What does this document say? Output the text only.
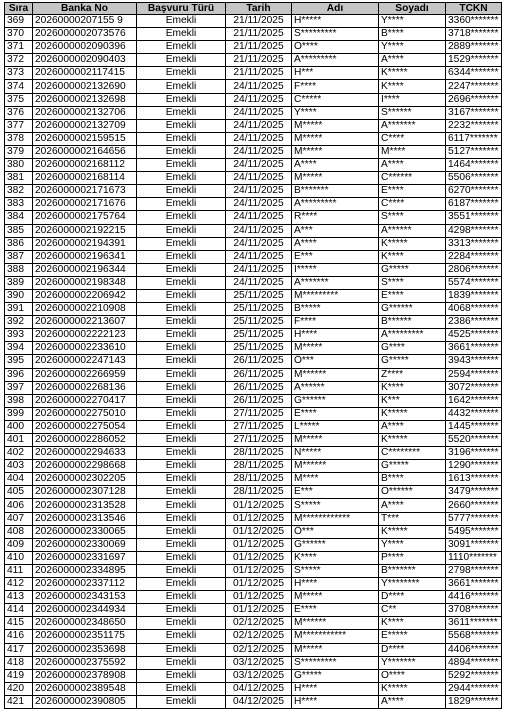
Sıra	Banka No	Başvuru Türü	Tarih	Adı	Soyadı	TCKN
369	20260000207155 9	Emekli	21/11/2025	H*****	Y****	3360*******
370	2026000002073576	Emekli	21/11/2025	S*********	B****	3718*******
371	2026000002090396	Emekli	21/11/2025	O****	Y****	2889*******
372	2026000002090403	Emekli	21/11/2025	A*********	A****	1529*******
373	2026000002117415	Emekli	21/11/2025	H***	K*****	6344*******
374	2026000002132690	Emekli	24/11/2025	F****	K****	2247*******
375	2026000002132698	Emekli	24/11/2025	C*****	İ****	2696*******
376	2026000002132706	Emekli	24/11/2025	Y****	S******	3167*******
377	2026000002132709	Emekli	24/11/2025	M*****	A*******	2232*******
378	2026000002159515	Emekli	24/11/2025	M*****	C****	6117*******
379	2026000002164656	Emekli	24/11/2025	M*****	M****	5127*******
380	2026000002168112	Emekli	24/11/2025	A****	A****	1464*******
381	2026000002168114	Emekli	24/11/2025	M*****	C******	5506*******
382	2026000002171673	Emekli	24/11/2025	B*******	E****	6270*******
383	2026000002171676	Emekli	24/11/2025	A*********	C****	6187*******
384	2026000002175764	Emekli	24/11/2025	R****	S****	3551*******
385	2026000002192215	Emekli	24/11/2025	A***	A******	4298*******
386	2026000002194391	Emekli	24/11/2025	A****	K*****	3313*******
387	2026000002196341	Emekli	24/11/2025	E***	K****	2284*******
388	2026000002196344	Emekli	24/11/2025	İ*****	G*****	2806*******
389	2026000002198348	Emekli	24/11/2025	A*******	S****	5574*******
390	2026000002206942	Emekli	25/11/2025	M*********	E****	1839*******
391	2026000002210908	Emekli	25/11/2025	B*****	G******	4068*******
392	2026000002213607	Emekli	25/11/2025	F****	B******	2386*******
393	2026000002222123	Emekli	25/11/2025	H****	A*********	4525*******
394	2026000002233610	Emekli	25/11/2025	M*****	G****	3661*******
395	2026000002247143	Emekli	26/11/2025	Ö***	G*****	3943*******
396	2026000002266959	Emekli	26/11/2025	M******	Z****	2594*******
397	2026000002268136	Emekli	26/11/2025	A******	K****	3072*******
398	2026000002270417	Emekli	26/11/2025	G******	K***	1642*******
399	2026000002275010	Emekli	27/11/2025	E****	K*****	4432*******
400	2026000002275054	Emekli	27/11/2025	L*****	A****	1445*******
401	2026000002286052	Emekli	27/11/2025	M*****	K*****	5520*******
402	2026000002294633	Emekli	28/11/2025	N*****	C********	3196*******
403	2026000002298668	Emekli	28/11/2025	M******	G*****	1290*******
404	2026000002302205	Emekli	28/11/2025	M****	B****	1613*******
405	2026000002307128	Emekli	28/11/2025	E***	O******	3479*******
406	2026000002313528	Emekli	01/12/2025	S*****	A****	2660*******
407	2026000002313546	Emekli	01/12/2025	M************	T***	5777*******
408	2026000002330065	Emekli	01/12/2025	Ö***	K*****	5495*******
409	2026000002330069	Emekli	01/12/2025	G******	Y****	3091*******
410	2026000002331697	Emekli	01/12/2025	K****	P****	1110*******
411	2026000002334895	Emekli	01/12/2025	S*****	B*******	2798*******
412	2026000002337112	Emekli	01/12/2025	H****	Y********	3661*******
413	2026000002343153	Emekli	01/12/2025	M*****	D****	4416*******
414	2026000002344934	Emekli	01/12/2025	E****	C**	3708*******
415	2026000002348650	Emekli	02/12/2025	M******	K****	3611*******
416	2026000002351175	Emekli	02/12/2025	M***********	E*****	5568*******
417	2026000002353698	Emekli	02/12/2025	M*****	D****	4406*******
418	2026000002375592	Emekli	03/12/2025	S*********	Y*******	4894*******
419	2026000002378908	Emekli	03/12/2025	G*****	O****	5292*******
420	2026000002389548	Emekli	04/12/2025	H****	K*****	2944*******
421	2026000002390805	Emekli	04/12/2025	H****	A****	1829*******
